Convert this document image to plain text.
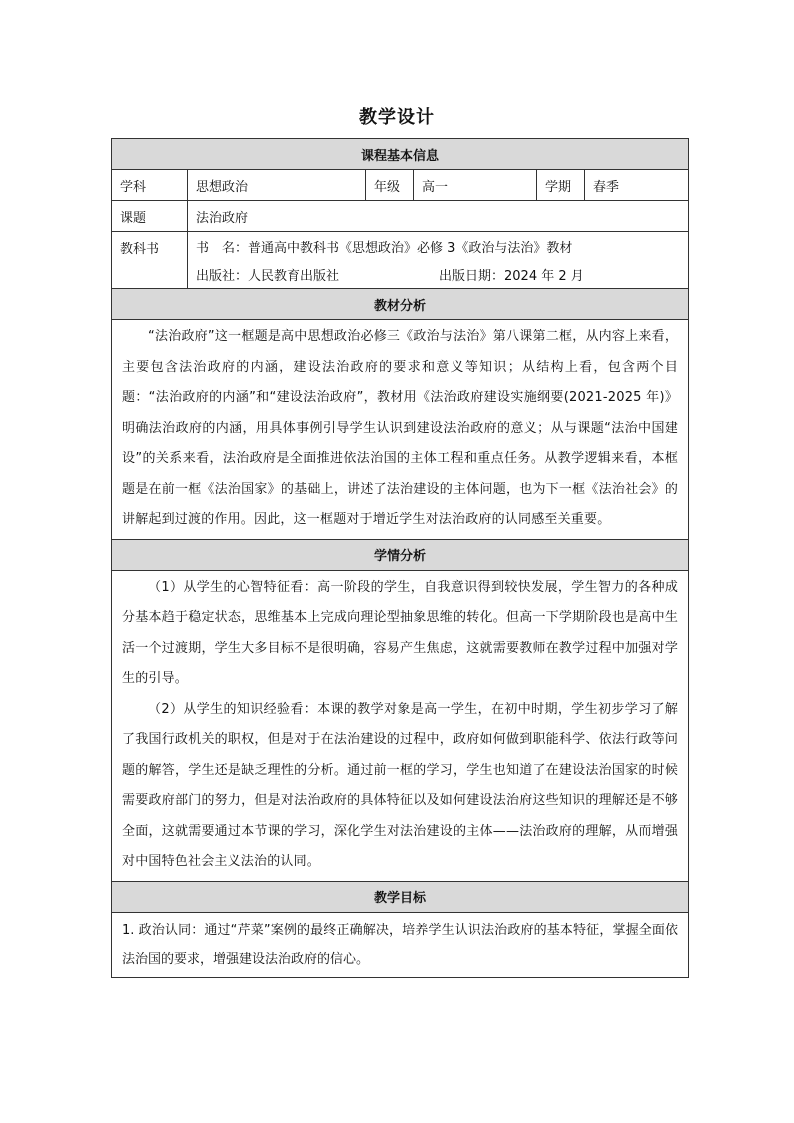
教学设计
课程基本信息					
学科	思想政治	年级	高一	学期	春季
课题	法治政府				
教科书	书　名：普通高中教科书《思想政治》必修 3《政治与法治》教材				
	出版社：人民教育出版社 出版日期：2024 年 2 月				
教材分析					

“法治政府”这一框题是高中思想政治必修三《政治与法治》第八课第二框，从内容上来看，主要包含法治政府的内涵，建设法治政府的要求和意义等知识；从结构上看，包含两个目题：“法治政府的内涵”和“建设法治政府”，教材用《法治政府建设实施纲要(2021-2025 年)》明确法治政府的内涵，用具体事例引导学生认识到建设法治政府的意义；从与课题“法治中国建设”的关系来看，法治政府是全面推进依法治国的主体工程和重点任务。从教学逻辑来看，本框题是在前一框《法治国家》的基础上，讲述了法治建设的主体问题，也为下一框《法治社会》的讲解起到过渡的作用。因此，这一框题对于增近学生对法治政府的认同感至关重要。					

学情分析					

（1）从学生的心智特征看：高一阶段的学生，自我意识得到较快发展，学生智力的各种成分基本趋于稳定状态，思维基本上完成向理论型抽象思维的转化。但高一下学期阶段也是高中生活一个过渡期，学生大多目标不是很明确，容易产生焦虑，这就需要教师在教学过程中加强对学生的引导。

（2）从学生的知识经验看：本课的教学对象是高一学生，在初中时期，学生初步学习了解了我国行政机关的职权，但是对于在法治建设的过程中，政府如何做到职能科学、依法行政等问题的解答，学生还是缺乏理性的分析。通过前一框的学习，学生也知道了在建设法治国家的时候需要政府部门的努力，但是对法治政府的具体特征以及如何建设法治府这些知识的理解还是不够全面，这就需要通过本节课的学习，深化学生对法治建设的主体——法治政府的理解，从而增强对中国特色社会主义法治的认同。					

教学目标					

1. 政治认同：通过“芹菜”案例的最终正确解决，培养学生认识法治政府的基本特征，掌握全面依法治国的要求，增强建设法治政府的信心。					
